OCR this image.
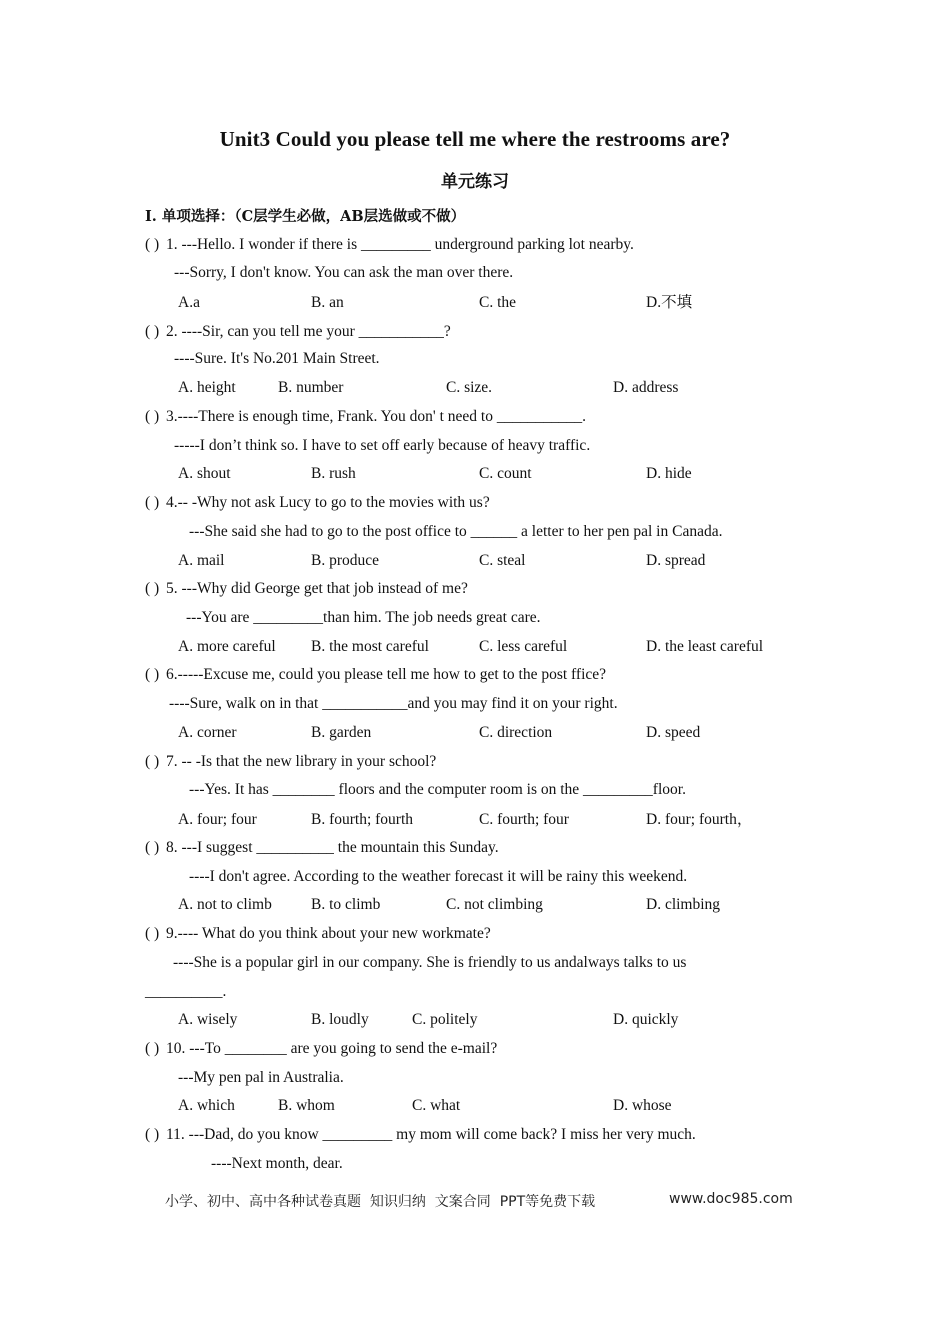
Unit3 Could you please tell me where the restrooms are?
单元练习
I. 单项选择：（C层学生必做，AB层选做或不做）
( ) 1. ---Hello. I wonder if there is _________ underground parking lot nearby.
---Sorry, I don't know. You can ask the man over there.
A.a	B. an	C. the	D.不填
( ) 2. ----Sir, can you tell me your ___________?
----Sure. It's No.201 Main Street.
A. height	B. number	C. size.	D. address
( ) 3.----There is enough time, Frank. You don' t need to ___________.
-----I don’t think so. I have to set off early because of heavy traffic.
A. shout	B. rush	C. count	D. hide
( ) 4.-- -Why not ask Lucy to go to the movies with us?
---She said she had to go to the post office to ______ a letter to her pen pal in Canada.
A. mail	B. produce	C. steal	D. spread
( ) 5. ---Why did George get that job instead of me?
---You are _________than him. The job needs great care.
A. more careful B. the most careful	C. less careful	D. the least careful
( ) 6.-----Excuse me, could you please tell me how to get to the post ffice?
----Sure, walk on in that ___________and you may find it on your right.
A. corner	B. garden	C. direction	D. speed
( ) 7. -- -Is that the new library in your school?
---Yes. It has ________ floors and the computer room is on the _________floor.
A. four; four	B. fourth; fourth	C. fourth; four	D. four; fourth，
( ) 8. ---I suggest __________ the mountain this Sunday.
----I don't agree. According to the weather forecast it will be rainy this weekend.
A. not to climb	B. to climb	C. not climbing	D. climbing
( ) 9.---- What do you think about your new workmate?
----She is a popular girl in our company. She is friendly to us andalways talks to us
__________.
A. wisely	B. loudly	C. politely	D. quickly
( ) 10. ---To ________ are you going to send the e-mail?
---My pen pal in Australia.
A. which	B. whom	C. what	D. whose
( ) 11. ---Dad, do you know _________ my mom will come back? I miss her very much.
----Next month, dear.
小学、初中、高中各种试卷真题  知识归纳  文案合同  PPT等免费下载	www.doc985.com
